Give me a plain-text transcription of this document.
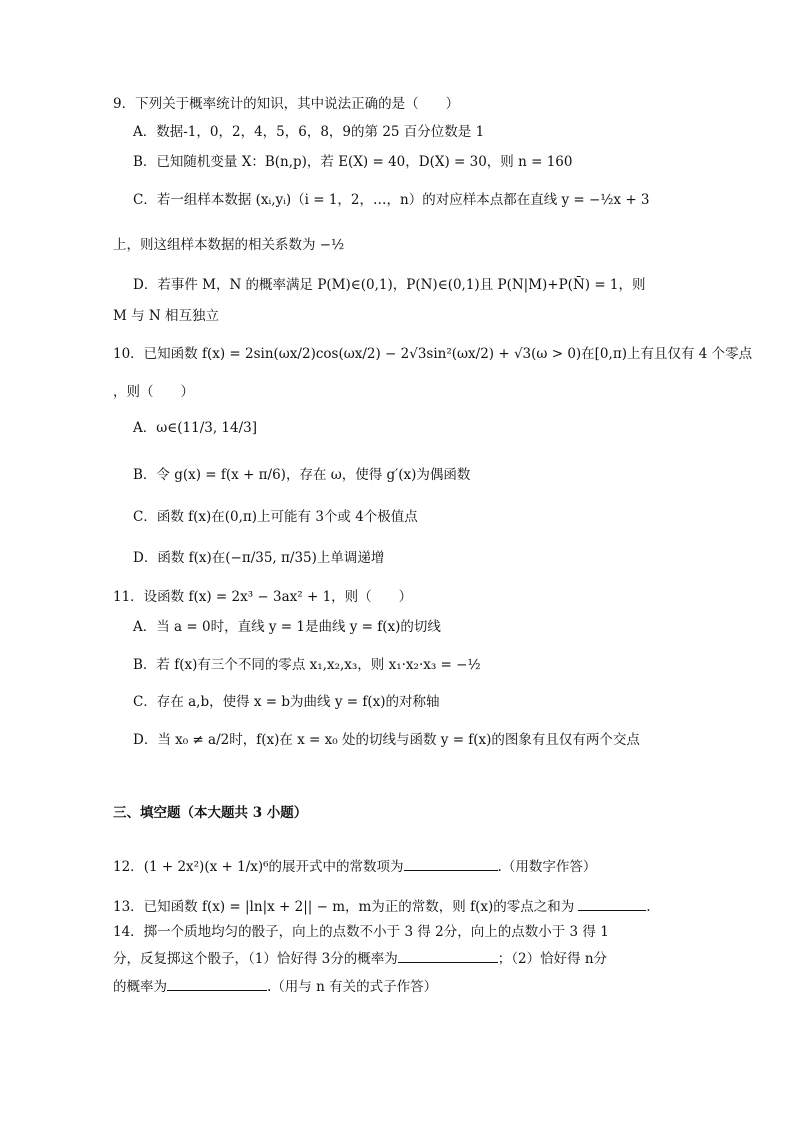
9．下列关于概率统计的知识，其中说法正确的是（　　）
A．数据-1，0，2，4，5，6，8，9的第 25 百分位数是 1
B．已知随机变量 X：B(n,p)，若 E(X) = 40，D(X) = 30，则 n = 160
C．若一组样本数据 (xᵢ,yᵢ)（i = 1，2，…，n）的对应样本点都在直线 y = −½x + 3
上，则这组样本数据的相关系数为 −½
D．若事件 M，N 的概率满足 P(M)∈(0,1)，P(N)∈(0,1)且 P(N|M)+P(N̄) = 1，则
M 与 N 相互独立
10．已知函数 f(x) = 2sin(ωx/2)cos(ωx/2) − 2√3sin²(ωx/2) + √3(ω > 0)在[0,π)上有且仅有 4 个零点
，则（　　）
A．ω∈(11/3, 14/3]
B．令 g(x) = f(x + π/6)，存在 ω，使得 g′(x)为偶函数
C．函数 f(x)在(0,π)上可能有 3个或 4个极值点
D．函数 f(x)在(−π/35, π/35)上单调递增
11．设函数 f(x) = 2x³ − 3ax² + 1，则（　　）
A．当 a = 0时，直线 y = 1是曲线 y = f(x)的切线
B．若 f(x)有三个不同的零点 x₁,x₂,x₃，则 x₁·x₂·x₃ = −½
C．存在 a,b，使得 x = b为曲线 y = f(x)的对称轴
D．当 x₀ ≠ a/2时，f(x)在 x = x₀ 处的切线与函数 y = f(x)的图象有且仅有两个交点
三、填空题（本大题共 3 小题）
12．(1 + 2x²)(x + 1/x)⁶的展开式中的常数项为	.（用数字作答）
13．已知函数 f(x) = |ln|x + 2|| − m，m为正的常数，则 f(x)的零点之和为	.
14．掷一个质地均匀的骰子，向上的点数不小于 3 得 2分，向上的点数小于 3 得 1
分，反复掷这个骰子，（1）恰好得 3分的概率为	；（2）恰好得 n分
的概率为	.（用与 n 有关的式子作答）
